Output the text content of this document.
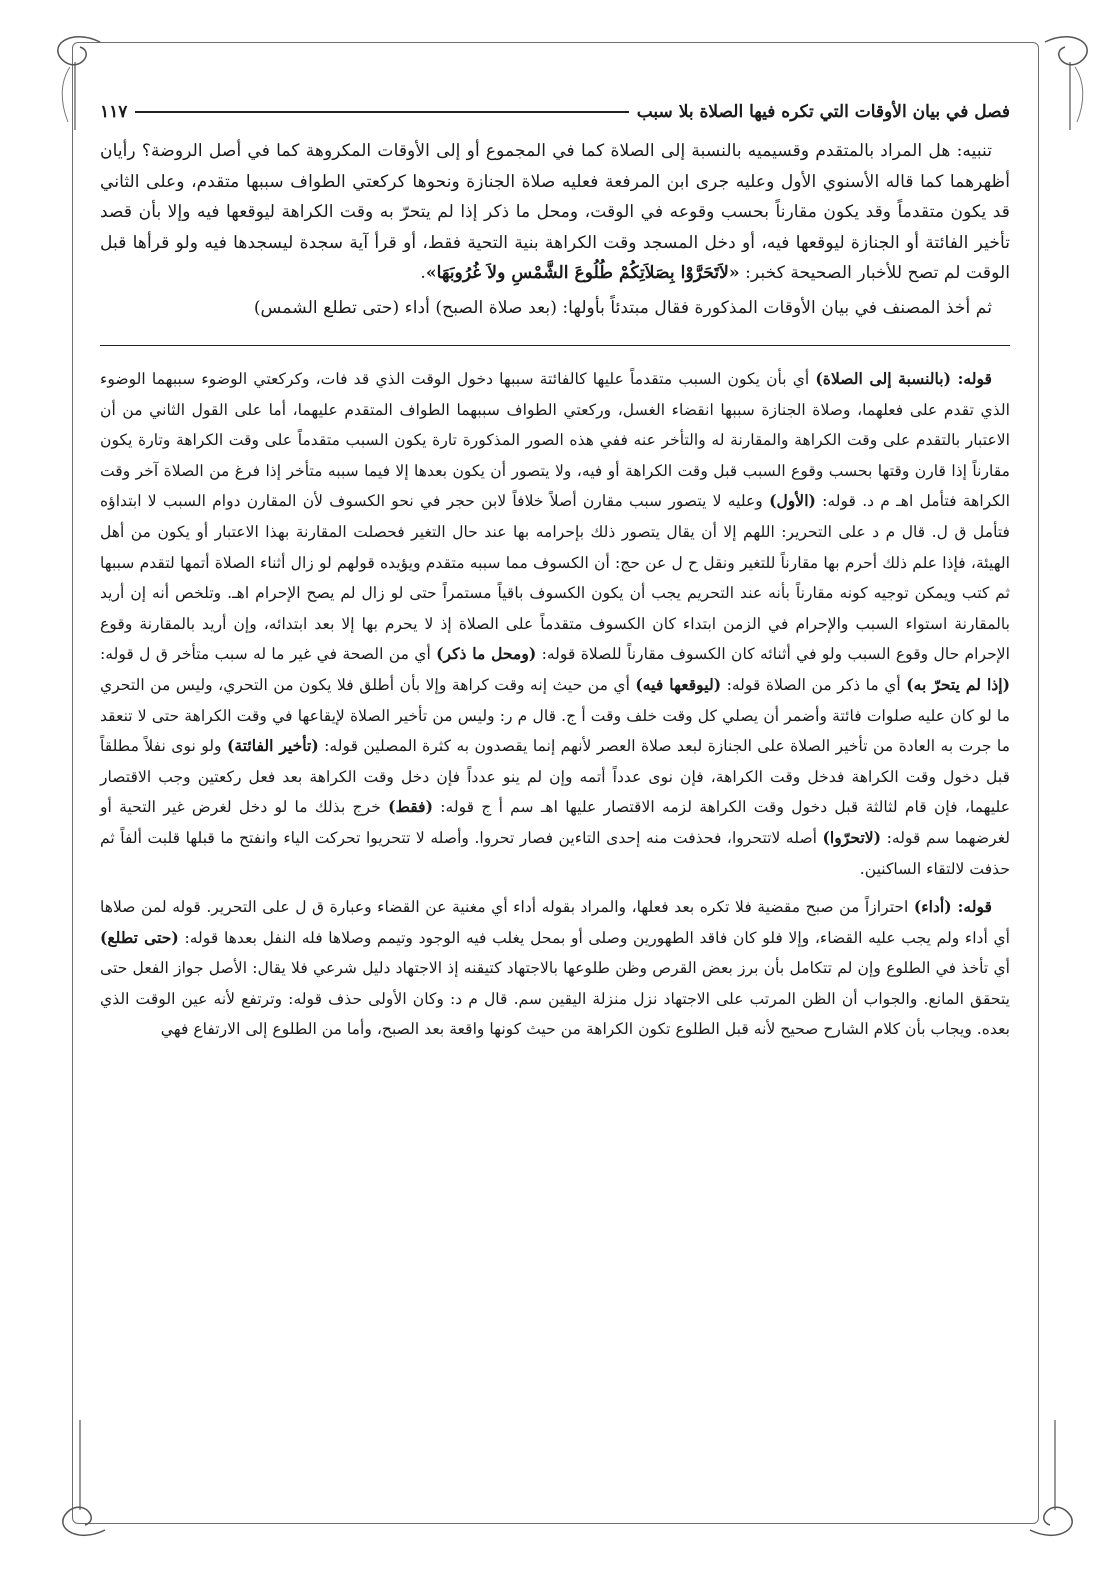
فصل في بيان الأوقات التي تكره فيها الصلاة بلا سبب
١١٧

تنبيه: هل المراد بالمتقدم وقسيميه بالنسبة إلى الصلاة كما في المجموع أو إلى الأوقات المكروهة كما في أصل الروضة؟ رأيان أظهرهما كما قاله الأسنوي الأول وعليه جرى ابن المرفعة فعليه صلاة الجنازة ونحوها كركعتي الطواف سببها متقدم، وعلى الثاني قد يكون متقدماً وقد يكون مقارناً بحسب وقوعه في الوقت، ومحل ما ذكر إذا لم يتحرّ به وقت الكراهة ليوقعها فيه وإلا بأن قصد تأخير الفائتة أو الجنازة ليوقعها فيه، أو دخل المسجد وقت الكراهة بنية التحية فقط، أو قرأ آية سجدة ليسجدها فيه ولو قرأها قبل الوقت لم تصح للأخبار الصحيحة كخبر: «لاَتَحَرَّوْا بِصَلاَتِكُمْ طُلُوعَ الشَّمْسِ ولاَ غُرُوبَهَا».

ثم أخذ المصنف في بيان الأوقات المذكورة فقال مبتدئاً بأولها: (بعد صلاة الصبح) أداء (حتى تطلع الشمس)

قوله: (بالنسبة إلى الصلاة) أي بأن يكون السبب متقدماً عليها كالفائتة سببها دخول الوقت الذي قد فات، وكركعتي الوضوء سببهما الوضوء الذي تقدم على فعلهما، وصلاة الجنازة سببها انقضاء الغسل، وركعتي الطواف سببهما الطواف المتقدم عليهما، أما على القول الثاني من أن الاعتبار بالتقدم على وقت الكراهة والمقارنة له والتأخر عنه ففي هذه الصور المذكورة تارة يكون السبب متقدماً على وقت الكراهة وتارة يكون مقارناً إذا قارن وقتها بحسب وقوع السبب قبل وقت الكراهة أو فيه، ولا يتصور أن يكون بعدها إلا فيما سببه متأخر إذا فرغ من الصلاة آخر وقت الكراهة فتأمل اهـ م د. قوله: (الأول) وعليه لا يتصور سبب مقارن أصلاً خلافاً لابن حجر في نحو الكسوف لأن المقارن دوام السبب لا ابتداؤه فتأمل ق ل. قال م د على التحرير: اللهم إلا أن يقال يتصور ذلك بإحرامه بها عند حال التغير فحصلت المقارنة بهذا الاعتبار أو يكون من أهل الهيئة، فإذا علم ذلك أحرم بها مقارناً للتغير ونقل ح ل عن حج: أن الكسوف مما سببه متقدم ويؤيده قولهم لو زال أثناء الصلاة أتمها لتقدم سببها ثم كتب ويمكن توجيه كونه مقارناً بأنه عند التحريم يجب أن يكون الكسوف باقياً مستمراً حتى لو زال لم يصح الإحرام اهـ. وتلخص أنه إن أريد بالمقارنة استواء السبب والإحرام في الزمن ابتداء كان الكسوف متقدماً على الصلاة إذ لا يحرم بها إلا بعد ابتدائه، وإن أريد بالمقارنة وقوع الإحرام حال وقوع السبب ولو في أثنائه كان الكسوف مقارناً للصلاة قوله: (ومحل ما ذكر) أي من الصحة في غير ما له سبب متأخر ق ل قوله: (إذا لم يتحرّ به) أي ما ذكر من الصلاة قوله: (ليوقعها فيه) أي من حيث إنه وقت كراهة وإلا بأن أطلق فلا يكون من التحري، وليس من التحري ما لو كان عليه صلوات فائتة وأضمر أن يصلي كل وقت خلف وقت أ ج. قال م ر: وليس من تأخير الصلاة لإيقاعها في وقت الكراهة حتى لا تنعقد ما جرت به العادة من تأخير الصلاة على الجنازة لبعد صلاة العصر لأنهم إنما يقصدون به كثرة المصلين قوله: (تأخير الفائتة) ولو نوى نفلاً مطلقاً قبل دخول وقت الكراهة فدخل وقت الكراهة، فإن نوى عدداً أتمه وإن لم ينو عدداً فإن دخل وقت الكراهة بعد فعل ركعتين وجب الاقتصار عليهما، فإن قام لثالثة قبل دخول وقت الكراهة لزمه الاقتصار عليها اهـ سم أ ج قوله: (فقط) خرج بذلك ما لو دخل لغرض غير التحية أو لغرضهما سم قوله: (لاتحرّوا) أصله لاتتحروا، فحذفت منه إحدى التاءين فصار تحروا. وأصله لا تتحريوا تحركت الياء وانفتح ما قبلها قلبت ألفاً ثم حذفت لالتقاء الساكنين.

قوله: (أداء) احترازاً من صبح مقضية فلا تكره بعد فعلها، والمراد بقوله أداء أي مغنية عن القضاء وعبارة ق ل على التحرير. قوله لمن صلاها أي أداء ولم يجب عليه القضاء، وإلا فلو كان فاقد الطهورين وصلى أو بمحل يغلب فيه الوجود وتيمم وصلاها فله النفل بعدها قوله: (حتى تطلع) أي تأخذ في الطلوع وإن لم تتكامل بأن برز بعض القرص وظن طلوعها بالاجتهاد كتيقنه إذ الاجتهاد دليل شرعي فلا يقال: الأصل جواز الفعل حتى يتحقق المانع. والجواب أن الظن المرتب على الاجتهاد نزل منزلة اليقين سم. قال م د: وكان الأولى حذف قوله: وترتفع لأنه عين الوقت الذي بعده. ويجاب بأن كلام الشارح صحيح لأنه قبل الطلوع تكون الكراهة من حيث كونها واقعة بعد الصبح، وأما من الطلوع إلى الارتفاع فهي
